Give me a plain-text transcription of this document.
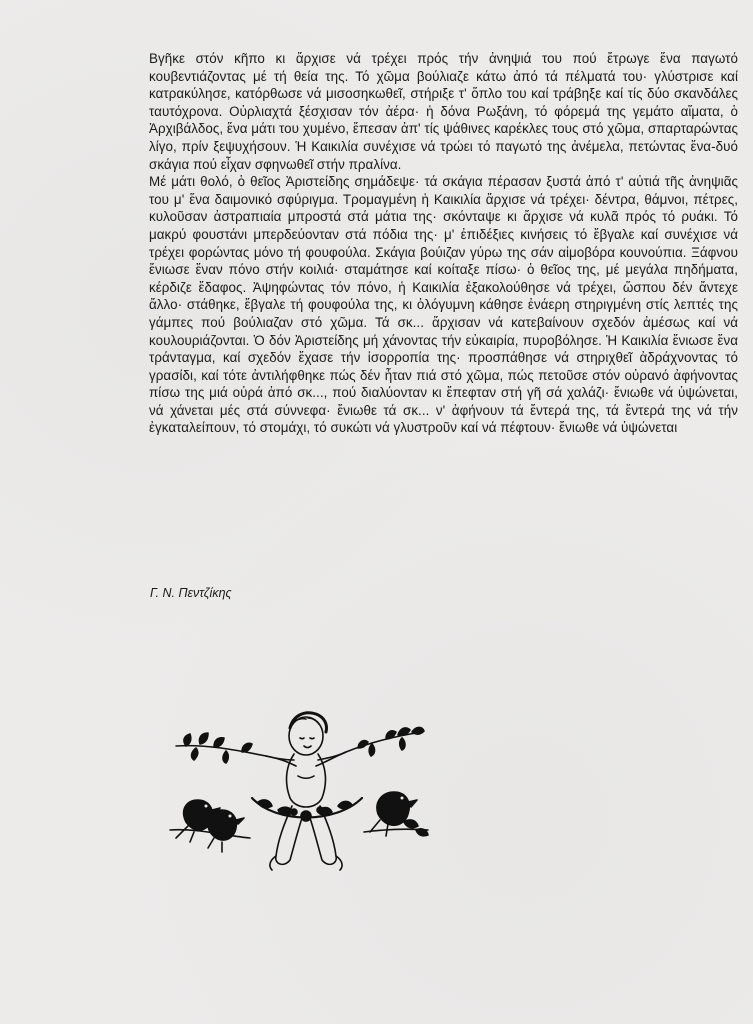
Βγῆκε στόν κῆπο κι ἄρχισε νά τρέχει πρός τήν ἀνηψιά του πού ἔτρωγε ἕνα παγωτό κουβεντιάζοντας μέ τή θεία της. Τό χῶμα βούλιαζε κάτω ἀπό τά πέλματά του· γλύστρισε καί κατρακύλησε, κατόρθωσε νά μισοσηκωθεῖ, στήριξε τ' ὅπλο του καί τράβηξε καί τίς δύο σκανδάλες ταυτόχρονα. Οὐρλιαχτά ξέσχισαν τόν ἀέρα· ἡ δόνα Ρωξάνη, τό φόρεμά της γεμάτο αἵματα, ὁ Ἀρχιβάλδος, ἕνα μάτι του χυμένο, ἔπεσαν ἀπ' τίς ψάθινες καρέκλες τους στό χῶμα, σπαρταρώντας λίγο, πρίν ξεψυχήσουν. Ἡ Καικιλία συνέχισε νά τρώει τό παγωτό της ἀνέμελα, πετώντας ἕνα-δυό σκάγια πού εἶχαν σφηνωθεῖ στήν πραλίνα.

Μέ μάτι θολό, ὁ θεῖος Ἀριστείδης σημάδεψε· τά σκάγια πέρασαν ξυστά ἀπό τ' αὐτιά τῆς ἀνηψιᾶς του μ' ἕνα δαιμονικό σφύριγμα. Τρομαγμένη ἡ Καικιλία ἄρχισε νά τρέχει· δέντρα, θάμνοι, πέτρες, κυλοῦσαν ἀστραπιαία μπροστά στά μάτια της· σκόνταψε κι ἄρχισε νά κυλᾶ πρός τό ρυάκι. Τό μακρύ φουστάνι μπερδεύονταν στά πόδια της· μ' ἐπιδέξιες κινήσεις τό ἔβγαλε καί συνέχισε νά τρέχει φορώντας μόνο τή φουφούλα. Σκάγια βούιζαν γύρω της σάν αἱμοβόρα κουνούπια. Ξάφνου ἔνιωσε ἕναν πόνο στήν κοιλιά· σταμάτησε καί κοίταξε πίσω· ὁ θεῖος της, μέ μεγάλα πηδήματα, κέρδιζε ἔδαφος. Ἀψηφώντας τόν πόνο, ἡ Καικιλία ἐξακολούθησε νά τρέχει, ὥσπου δέν ἄντεχε ἄλλο· στάθηκε, ἔβγαλε τή φουφούλα της, κι ὁλόγυμνη κάθησε ἐνάερη στηριγμένη στίς λεπτές της γάμπες πού βούλιαζαν στό χῶμα. Τά σκ... ἄρχισαν νά κατεβαίνουν σχεδόν ἀμέσως καί νά κουλουριάζονται. Ὁ δόν Ἀριστείδης μή χάνοντας τήν εὐκαιρία, πυροβόλησε. Ἡ Καικιλία ἔνιωσε ἕνα τράνταγμα, καί σχεδόν ἔχασε τήν ἰσορροπία της· προσπάθησε νά στηριχθεῖ ἀδράχνοντας τό γρασίδι, καί τότε ἀντιλήφθηκε πώς δέν ἦταν πιά στό χῶμα, πώς πετοῦσε στόν οὐρανό ἀφήνοντας πίσω της μιά οὐρά ἀπό σκ..., πού διαλύονταν κι ἔπεφταν στή γῆ σά χαλάζι· ἔνιωθε νά ὑψώνεται, νά χάνεται μές στά σύννεφα· ἔνιωθε τά σκ... ν' ἀφήνουν τά ἔντερά της, τά ἔντερά της νά τήν ἐγκαταλείπουν, τό στομάχι, τό συκώτι νά γλυστροῦν καί νά πέφτουν· ἔνιωθε νά ὑψώνεται

Γ. Ν. Πεντζίκης
